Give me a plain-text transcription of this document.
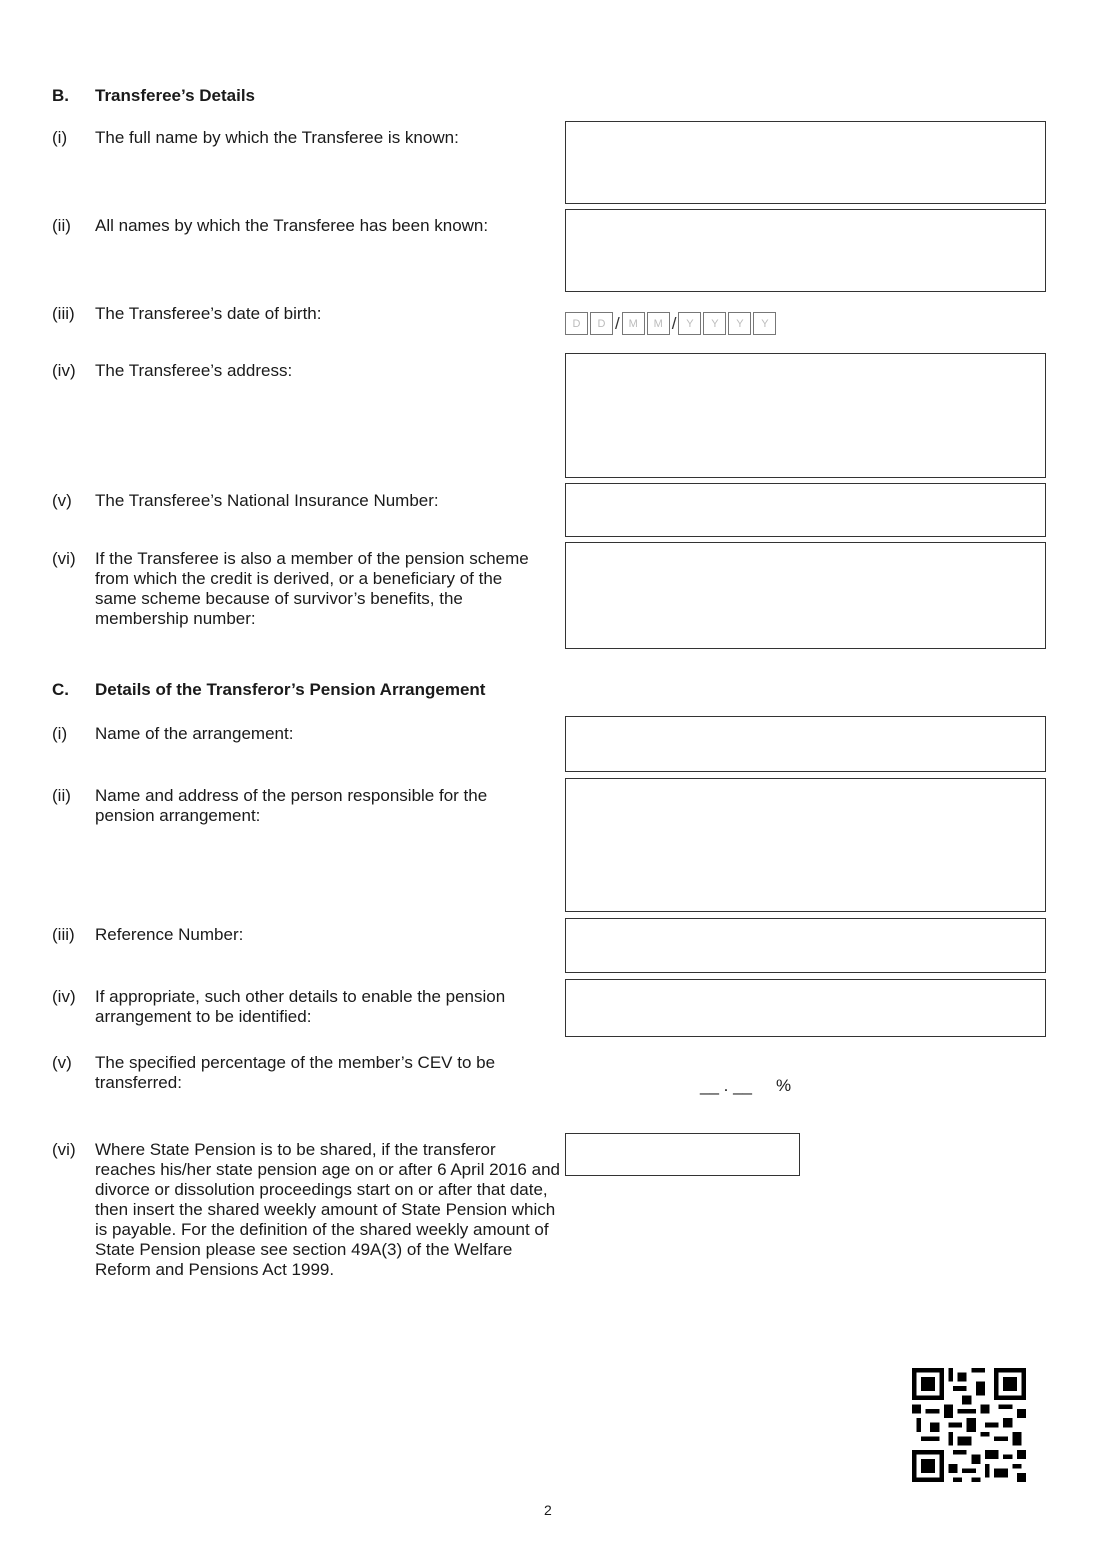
B. Transferee’s Details
(i) The full name by which the Transferee is known:
(ii) All names by which the Transferee has been known:
(iii) The Transferee’s date of birth:
D	D / M	M / Y	Y	Y	Y
(iv) The Transferee’s address:
(v) The Transferee’s National Insurance Number:
(vi) If the Transferee is also a member of the pension scheme from which the credit is derived, or a beneficiary of the same scheme because of survivor’s benefits, the membership number:
C. Details of the Transferor’s Pension Arrangement
(i) Name of the arrangement:
(ii) Name and address of the person responsible for the pension arrangement:
(iii) Reference Number:
(iv) If appropriate, such other details to enable the pension arrangement to be identified:
(v) The specified percentage of the member’s CEV to be transferred:	__ . __ %
(vi) Where State Pension is to be shared, if the transferor reaches his/her state pension age on or after 6 April 2016 and divorce or dissolution proceedings start on or after that date, then insert the shared weekly amount of State Pension which is payable. For the definition of the shared weekly amount of State Pension please see section 49A(3) of the Welfare Reform and Pensions Act 1999.
2
